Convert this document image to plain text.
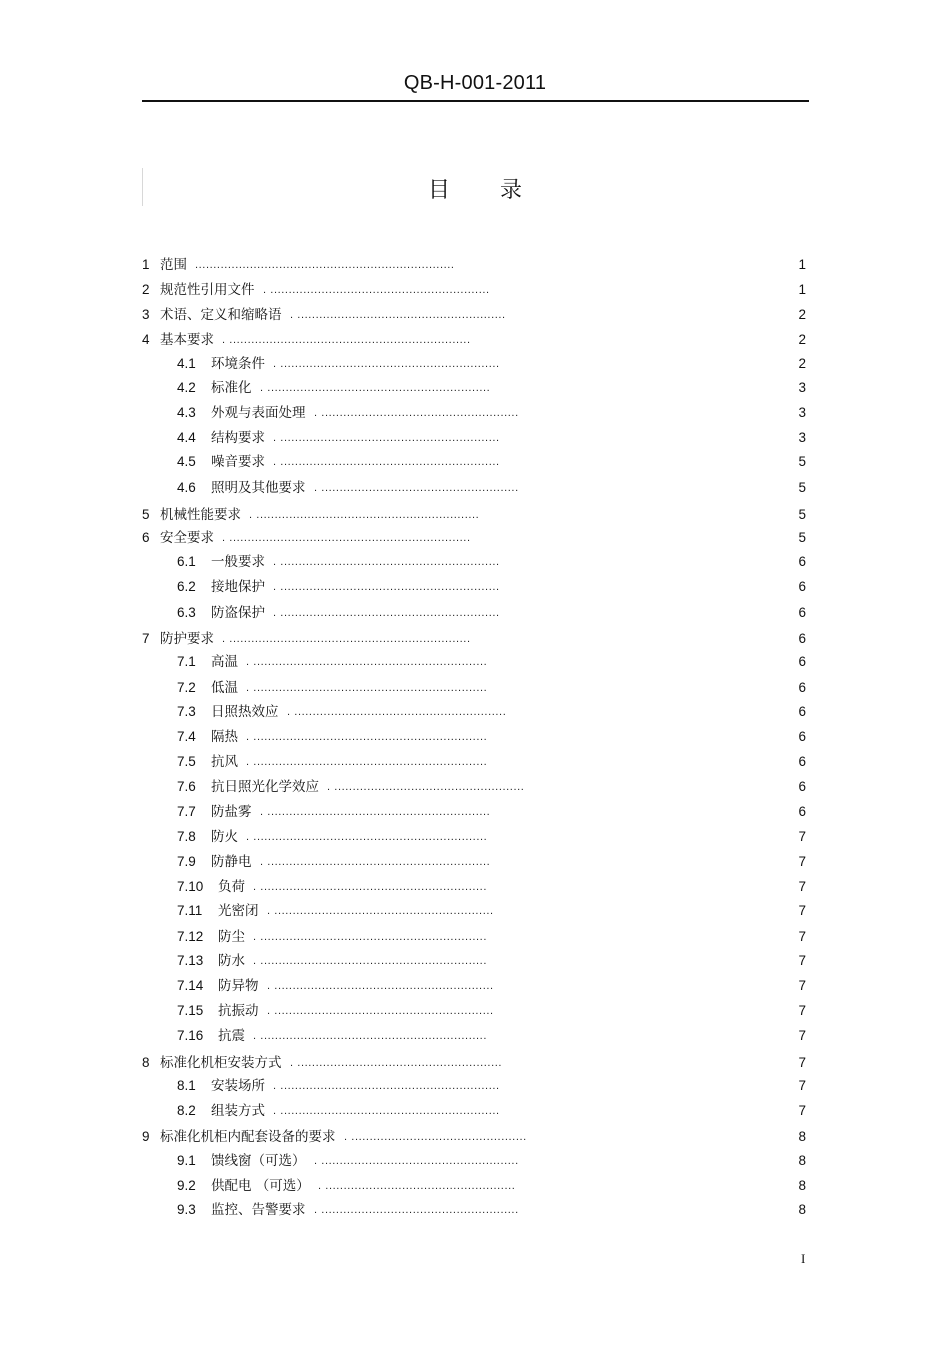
QB-H-001-2011
目录
1 范围 .......................................................................	1
2 规范性引用文件 . ............................................................	1
3 术语、定义和缩略语 . .........................................................	2
4 基本要求 . ..................................................................	2
4.1 环境条件 . ............................................................	2
4.2 标准化 . .............................................................	3
4.3 外观与表面处理 . ......................................................	3
4.4 结构要求 . ............................................................	3
4.5 噪音要求 . ............................................................	5
4.6 照明及其他要求 . ......................................................	5
5 机械性能要求 . .............................................................	5
6 安全要求 . ..................................................................	5
6.1 一般要求 . ............................................................	6
6.2 接地保护 . ............................................................	6
6.3 防盗保护 . ............................................................	6
7 防护要求 . ..................................................................	6
7.1 高温 . ................................................................	6
7.2 低温 . ................................................................	6
7.3 日照热效应 . ..........................................................	6
7.4 隔热 . ................................................................	6
7.5 抗风 . ................................................................	6
7.6 抗日照光化学效应 . ....................................................	6
7.7 防盐雾 . .............................................................	6
7.8 防火 . ................................................................	7
7.9 防静电 . .............................................................	7
7.10 负荷 . ..............................................................	7
7.11 光密闭 . ............................................................	7
7.12 防尘 . ..............................................................	7
7.13 防水 . ..............................................................	7
7.14 防异物 . ............................................................	7
7.15 抗振动 . ............................................................	7
7.16 抗震 . ..............................................................	7
8 标准化机柜安装方式 . ........................................................	7
8.1 安装场所 . ............................................................	7
8.2 组装方式 . ............................................................	7
9 标准化机柜内配套设备的要求 . ................................................	8
9.1 馈线窗（可选） . ......................................................	8
9.2 供配电 （可选） . ....................................................	8
9.3 监控、告警要求 . ......................................................	8
I
